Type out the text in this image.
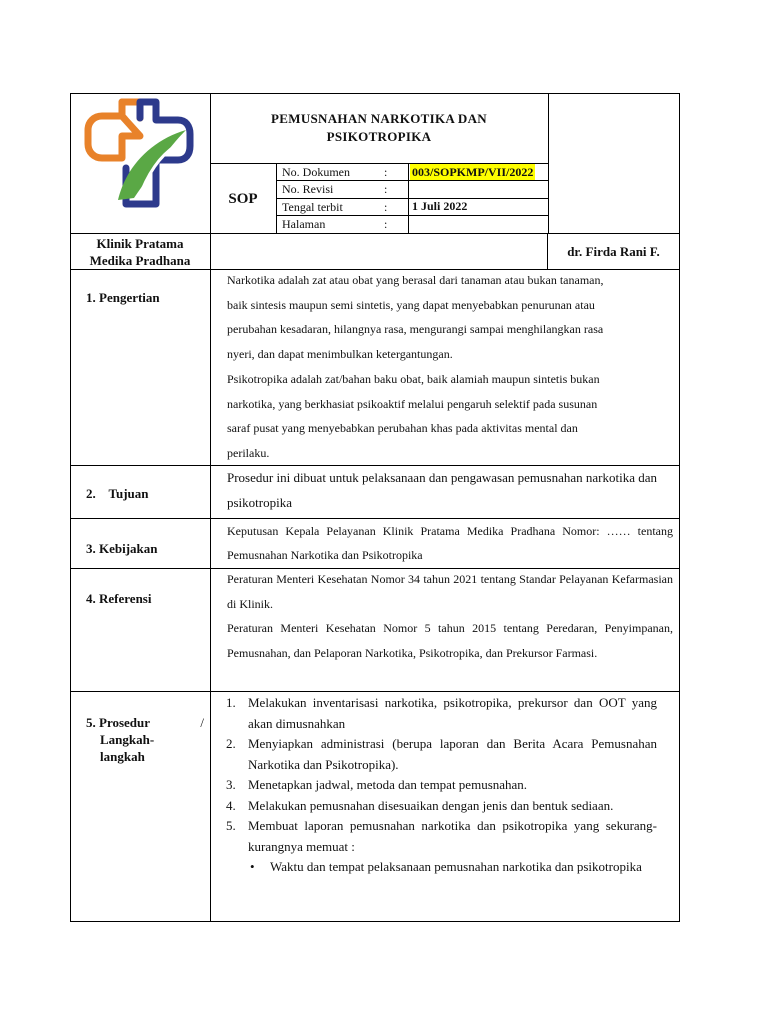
PEMUSNAHAN NARKOTIKA DAN
PSIKOTROPIKA
SOP
No. Dokumen	: 003/SOPKMP/VII/2022
No. Revisi	:
Tengal terbit	: 1 Juli 2022
Halaman	:
Klinik Pratama
Medika Pradhana
dr. Firda Rani F.
1. Pengertian
Narkotika adalah zat atau obat yang berasal dari tanaman atau bukan tanaman,
baik sintesis maupun semi sintetis, yang dapat menyebabkan penurunan atau
perubahan kesadaran, hilangnya rasa, mengurangi sampai menghilangkan rasa
nyeri, dan dapat menimbulkan ketergantungan.
Psikotropika adalah zat/bahan baku obat, baik alamiah maupun sintetis bukan
narkotika, yang berkhasiat psikoaktif melalui pengaruh selektif pada susunan
saraf pusat yang menyebabkan perubahan khas pada aktivitas mental dan
perilaku.
2.    Tujuan
Prosedur ini dibuat untuk pelaksanaan dan pengawasan pemusnahan narkotika dan psikotropika
3. Kebijakan
Keputusan Kepala Pelayanan Klinik Pratama Medika Pradhana Nomor: …… tentang Pemusnahan Narkotika dan Psikotropika
4. Referensi

Peraturan Menteri Kesehatan Nomor 34 tahun 2021 tentang Standar Pelayanan Kefarmasian di Klinik.

Peraturan Menteri Kesehatan Nomor 5 tahun 2015 tentang Peredaran, Penyimpanan, Pemusnahan, dan Pelaporan Narkotika, Psikotropika, dan Prekursor Farmasi.

5. Prosedur	/
Langkah-
langkah
1. Melakukan inventarisasi narkotika, psikotropika, prekursor dan OOT yang akan dimusnahkan
2. Menyiapkan administrasi (berupa laporan dan Berita Acara Pemusnahan Narkotika dan Psikotropika).
3. Menetapkan jadwal, metoda dan tempat pemusnahan.
4. Melakukan pemusnahan disesuaikan dengan jenis dan bentuk sediaan.
5. Membuat laporan pemusnahan narkotika dan psikotropika yang sekurang-kurangnya memuat :
• Waktu dan tempat pelaksanaan pemusnahan narkotika dan psikotropika
